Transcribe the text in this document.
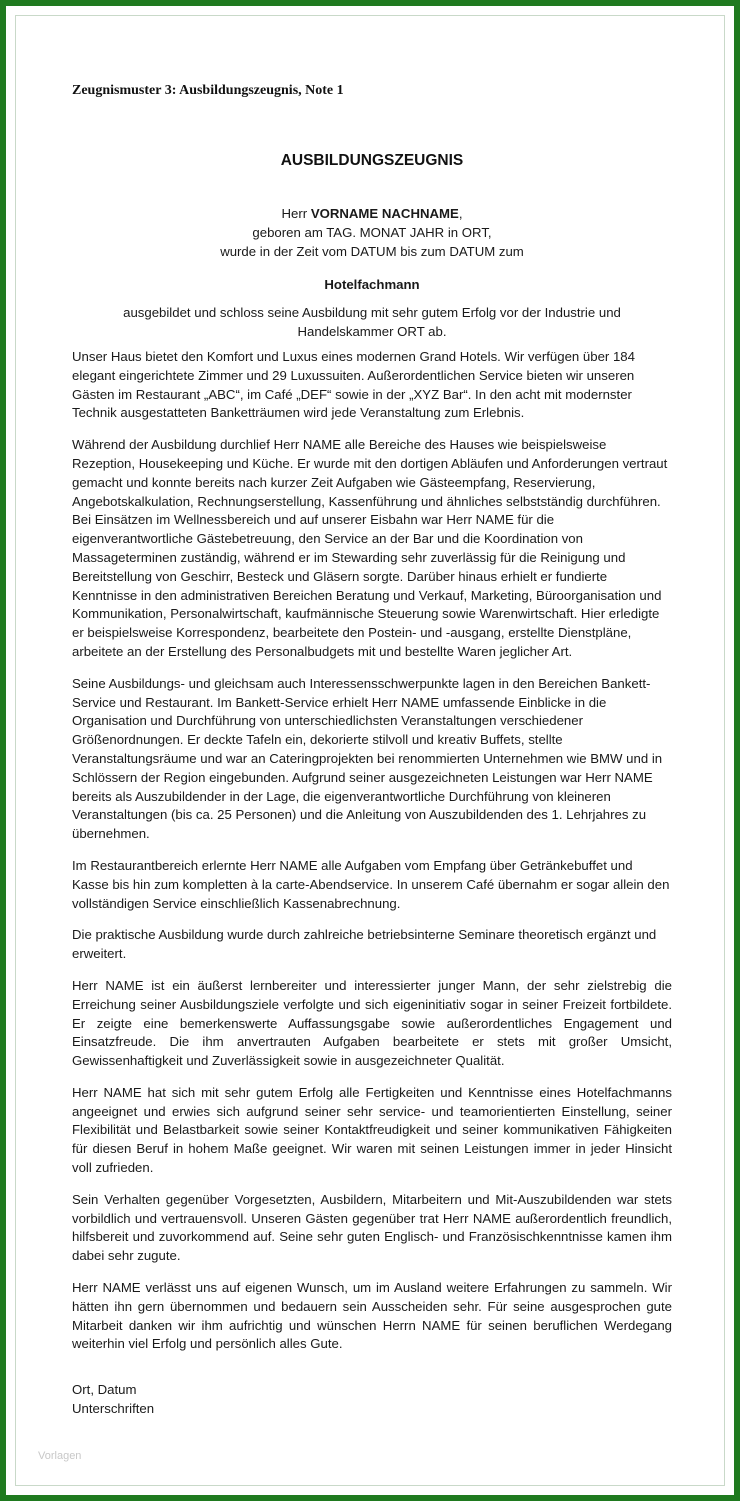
Zeugnismuster 3: Ausbildungszeugnis, Note 1
AUSBILDUNGSZEUGNIS
Herr VORNAME NACHNAME,
geboren am TAG. MONAT JAHR in ORT,
wurde in der Zeit vom DATUM bis zum DATUM zum
Hotelfachmann
ausgebildet und schloss seine Ausbildung mit sehr gutem Erfolg vor der Industrie und Handelskammer ORT ab.

Unser Haus bietet den Komfort und Luxus eines modernen Grand Hotels. Wir verfügen über 184 elegant eingerichtete Zimmer und 29 Luxussuiten. Außerordentlichen Service bieten wir unseren Gästen im Restaurant „ABC“, im Café „DEF“ sowie in der „XYZ Bar“. In den acht mit modernster Technik ausgestatteten Banketträumen wird jede Veranstaltung zum Erlebnis.

Während der Ausbildung durchlief Herr NAME alle Bereiche des Hauses wie beispielsweise Rezeption, Housekeeping und Küche. Er wurde mit den dortigen Abläufen und Anforderungen vertraut gemacht und konnte bereits nach kurzer Zeit Aufgaben wie Gästeempfang, Reservierung, Angebotskalkulation, Rechnungserstellung, Kassenführung und ähnliches selbstständig durchführen. Bei Einsätzen im Wellnessbereich und auf unserer Eisbahn war Herr NAME für die eigenverantwortliche Gästebetreuung, den Service an der Bar und die Koordination von Massageterminen zuständig, während er im Stewarding sehr zuverlässig für die Reinigung und Bereitstellung von Geschirr, Besteck und Gläsern sorgte. Darüber hinaus erhielt er fundierte Kenntnisse in den administrativen Bereichen Beratung und Verkauf, Marketing, Büroorganisation und Kommunikation, Personalwirtschaft, kaufmännische Steuerung sowie Warenwirtschaft. Hier erledigte er beispielsweise Korrespondenz, bearbeitete den Postein- und -ausgang, erstellte Dienstpläne, arbeitete an der Erstellung des Personalbudgets mit und bestellte Waren jeglicher Art.

Seine Ausbildungs- und gleichsam auch Interessensschwerpunkte lagen in den Bereichen Bankett-Service und Restaurant. Im Bankett-Service erhielt Herr NAME umfassende Einblicke in die Organisation und Durchführung von unterschiedlichsten Veranstaltungen verschiedener Größenordnungen. Er deckte Tafeln ein, dekorierte stilvoll und kreativ Buffets, stellte Veranstaltungsräume und war an Cateringprojekten bei renommierten Unternehmen wie BMW und in Schlössern der Region eingebunden. Aufgrund seiner ausgezeichneten Leistungen war Herr NAME bereits als Auszubildender in der Lage, die eigenverantwortliche Durchführung von kleineren Veranstaltungen (bis ca. 25 Personen) und die Anleitung von Auszubildenden des 1. Lehrjahres zu übernehmen.

Im Restaurantbereich erlernte Herr NAME alle Aufgaben vom Empfang über Getränkebuffet und Kasse bis hin zum kompletten à la carte-Abendservice. In unserem Café übernahm er sogar allein den vollständigen Service einschließlich Kassenabrechnung.

Die praktische Ausbildung wurde durch zahlreiche betriebsinterne Seminare theoretisch ergänzt und erweitert.

Herr NAME ist ein äußerst lernbereiter und interessierter junger Mann, der sehr zielstrebig die Erreichung seiner Ausbildungsziele verfolgte und sich eigeninitiativ sogar in seiner Freizeit fortbildete. Er zeigte eine bemerkenswerte Auffassungsgabe sowie außerordentliches Engagement und Einsatzfreude. Die ihm anvertrauten Aufgaben bearbeitete er stets mit großer Umsicht, Gewissenhaftigkeit und Zuverlässigkeit sowie in ausgezeichneter Qualität.

Herr NAME hat sich mit sehr gutem Erfolg alle Fertigkeiten und Kenntnisse eines Hotelfachmanns angeeignet und erwies sich aufgrund seiner sehr service- und teamorientierten Einstellung, seiner Flexibilität und Belastbarkeit sowie seiner Kontaktfreudigkeit und seiner kommunikativen Fähigkeiten für diesen Beruf in hohem Maße geeignet. Wir waren mit seinen Leistungen immer in jeder Hinsicht voll zufrieden.

Sein Verhalten gegenüber Vorgesetzten, Ausbildern, Mitarbeitern und Mit-Auszubildenden war stets vorbildlich und vertrauensvoll. Unseren Gästen gegenüber trat Herr NAME außerordentlich freundlich, hilfsbereit und zuvorkommend auf. Seine sehr guten Englisch- und Französischkenntnisse kamen ihm dabei sehr zugute.

Herr NAME verlässt uns auf eigenen Wunsch, um im Ausland weitere Erfahrungen zu sammeln. Wir hätten ihn gern übernommen und bedauern sein Ausscheiden sehr. Für seine ausgesprochen gute Mitarbeit danken wir ihm aufrichtig und wünschen Herrn NAME für seinen beruflichen Werdegang weiterhin viel Erfolg und persönlich alles Gute.

Ort, Datum
Unterschriften
Vorlagen
